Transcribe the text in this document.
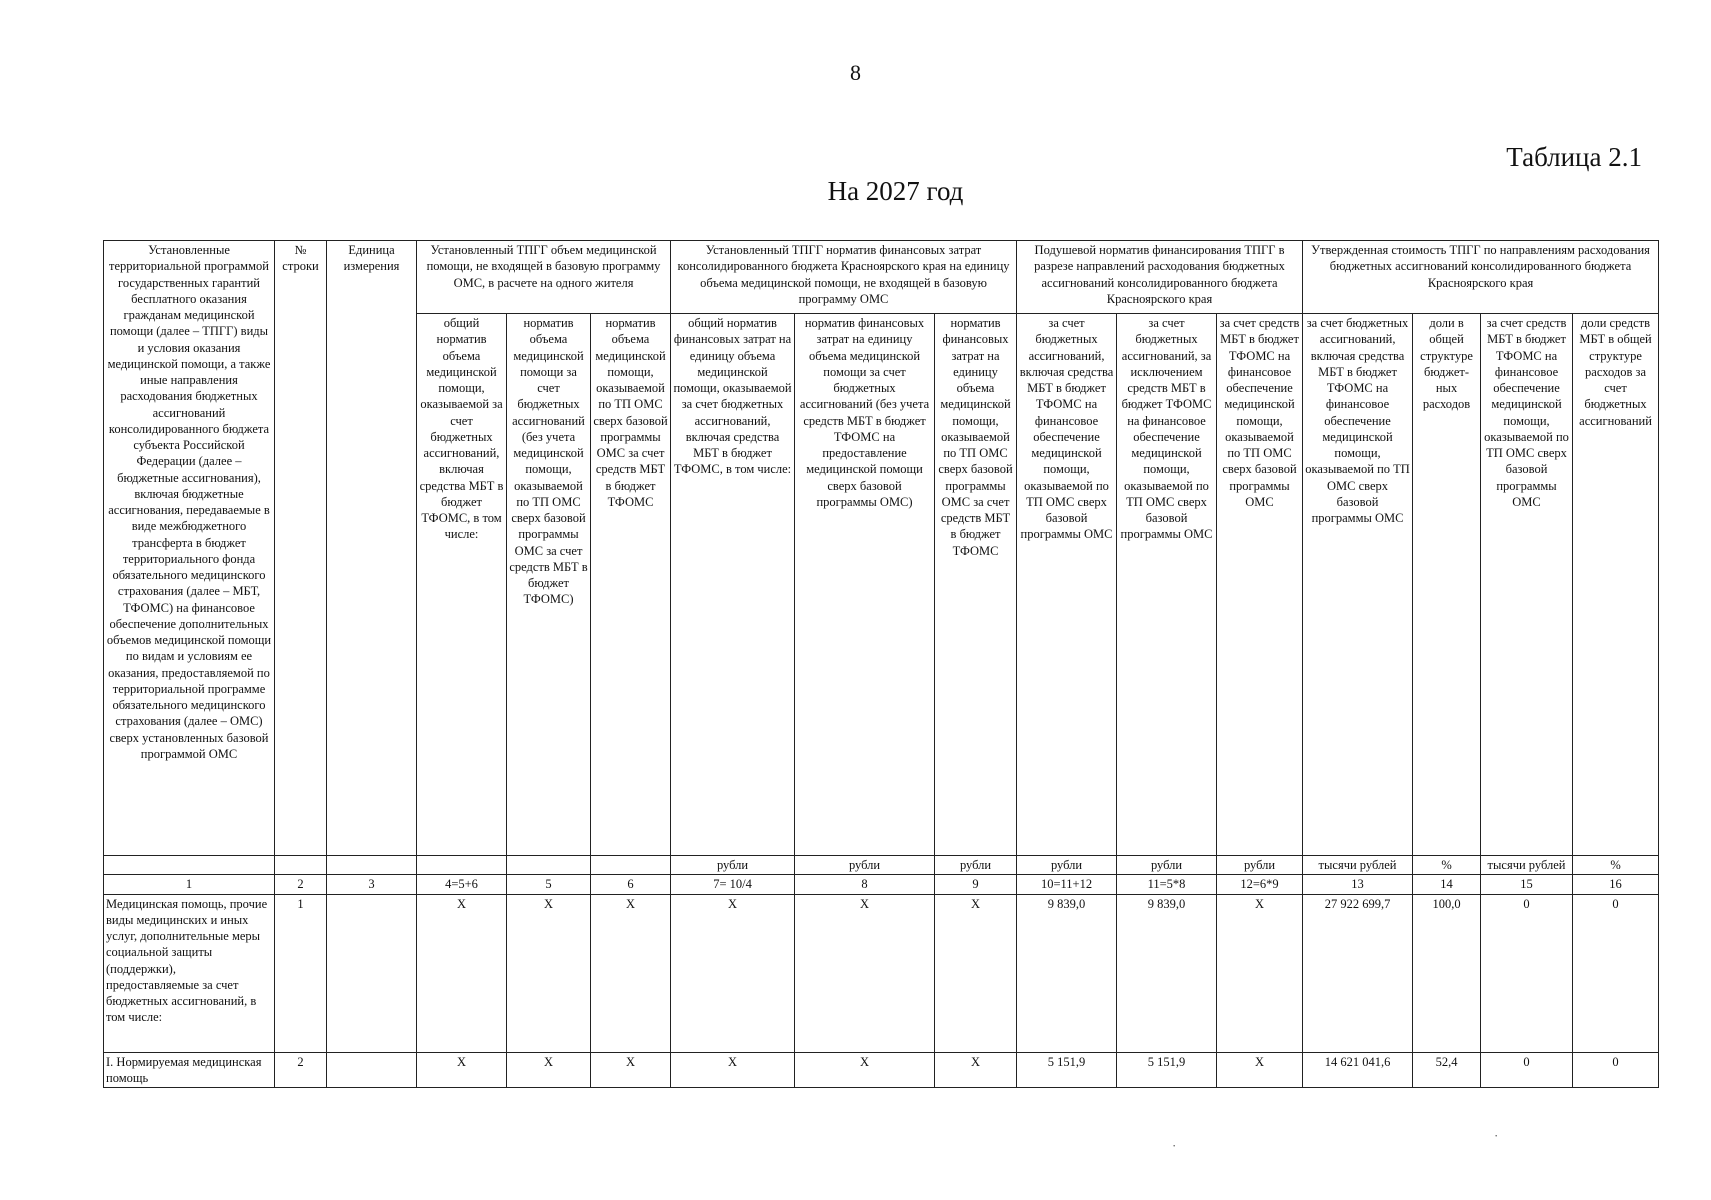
8
Таблица 2.1
На 2027 год
Установленные территориальной программой государственных гарантий бесплатного оказания гражданам медицинской помощи (далее – ТПГГ) виды и условия оказания медицинской помощи, а также иные направления расходования бюджетных ассигнований консолидированного бюджета субъекта Российской Федерации (далее – бюджетные ассигнования), включая бюджетные ассигнования, передаваемые в виде межбюджетного трансферта в бюджет территориального фонда обязательного медицинского страхования (далее – МБТ, ТФОМС) на финансовое обеспечение дополнительных объемов медицинской помощи по видам и условиям ее оказания, предоставляемой по территориальной программе обязательного медицинского страхования (далее – ОМС) сверх установленных базовой программой ОМС	№ строки	Единица измерения	Установленный ТПГГ объем медицинской помощи, не входящей в базовую программу ОМС, в расчете на одного жителя			Установленный ТПГГ норматив финансовых затрат консолидированного бюджета Красноярского края на единицу объема медицинской помощи, не входящей в базовую программу ОМС			Подушевой норматив финансирования ТПГГ в разрезе направлений расходования бюджетных ассигнований консолидированного бюджета Красноярского края			Утвержденная стоимость ТПГГ по направлениям расходования бюджетных ассигнований консолидированного бюджета Красноярского края			
			общий норматив объема медицинской помощи, оказываемой за счет бюджетных ассигнований, включая средства МБТ в бюджет ТФОМС, в том числе:	норматив объема медицинской помощи за счет бюджетных ассигнований (без учета медицинской помощи, оказываемой по ТП ОМС сверх базовой программы ОМС за счет средств МБТ в бюджет ТФОМС)	норматив объема медицинской помощи, оказываемой по ТП ОМС сверх базовой программы ОМС за счет средств МБТ в бюджет ТФОМС	общий норматив финансовых затрат на единицу объема медицинской помощи, оказываемой за счет бюджетных ассигнований, включая средства МБТ в бюджет ТФОМС, в том числе:	норматив финансовых затрат на единицу объема медицинской помощи за счет бюджетных ассигнований (без учета средств МБТ в бюджет ТФОМС на предоставление медицинской помощи сверх базовой программы ОМС)	норматив финансовых затрат на единицу объема медицинской помощи, оказываемой по ТП ОМС сверх базовой программы ОМС за счет средств МБТ в бюджет ТФОМС	за счет бюджетных ассигнований, включая средства МБТ в бюджет ТФОМС на финансовое обеспечение медицинской помощи, оказываемой по ТП ОМС сверх базовой программы ОМС	за счет бюджетных ассигнований, за исключением средств МБТ в бюджет ТФОМС на финансовое обеспечение медицинской помощи, оказываемой по ТП ОМС сверх базовой программы ОМС	за счет средств МБТ в бюджет ТФОМС на финансовое обеспечение медицинской помощи, оказываемой по ТП ОМС сверх базовой программы ОМС	за счет бюджетных ассигнований, включая средства МБТ в бюджет ТФОМС на финансовое обеспечение медицинской помощи, оказываемой по ТП ОМС сверх базовой программы ОМС	доли в общей структуре бюджет-ных расходов	за счет средств МБТ в бюджет ТФОМС на финансовое обеспечение медицинской помощи, оказываемой по ТП ОМС сверх базовой программы ОМС	доли средств МБТ в общей структуре расходов за счет бюджетных ассигнований
						рубли	рубли	рубли	рубли	рубли	рубли	тысячи рублей	%	тысячи рублей	%
1	2	3	4=5+6	5	6	7= 10/4	8	9	10=11+12	11=5*8	12=6*9	13	14	15	16
Медицинская помощь, прочие виды медицинских и иных услуг, дополнительные меры социальной защиты (поддержки), предоставляемые за счет бюджетных ассигнований, в том числе:	1		Х	Х	Х	Х	Х	Х	9 839,0	9 839,0	Х	27 922 699,7	100,0	0	0
I. Нормируемая медицинская помощь	2		Х	Х	Х	Х	Х	Х	5 151,9	5 151,9	Х	14 621 041,6	52,4	0	0
·
·
